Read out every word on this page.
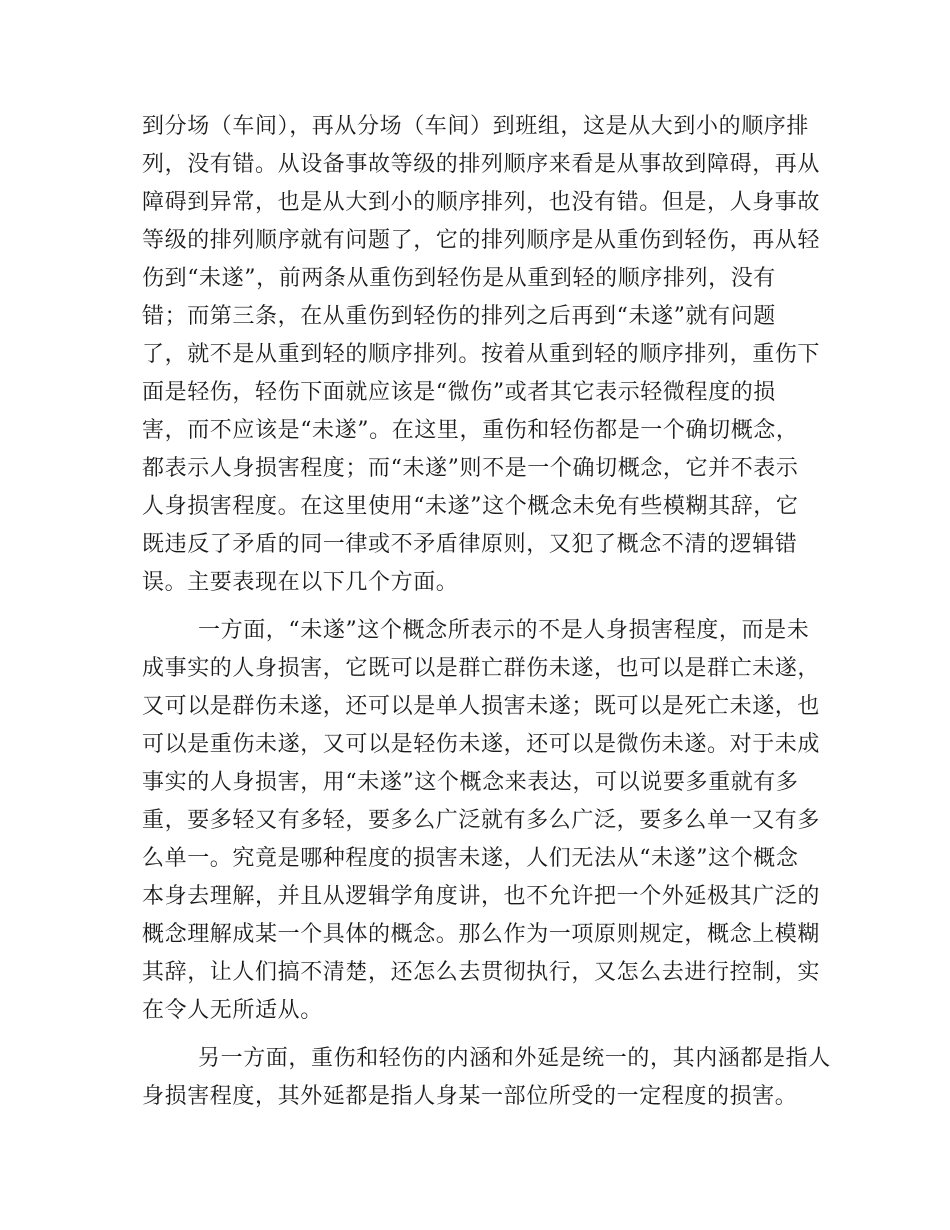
到分场（车间），再从分场（车间）到班组，这是从大到小的顺序排
列，没有错。从设备事故等级的排列顺序来看是从事故到障碍，再从
障碍到异常，也是从大到小的顺序排列，也没有错。但是，人身事故
等级的排列顺序就有问题了，它的排列顺序是从重伤到轻伤，再从轻
伤到“未遂”，前两条从重伤到轻伤是从重到轻的顺序排列，没有
错；而第三条，在从重伤到轻伤的排列之后再到“未遂”就有问题
了，就不是从重到轻的顺序排列。按着从重到轻的顺序排列，重伤下
面是轻伤，轻伤下面就应该是“微伤”或者其它表示轻微程度的损
害，而不应该是“未遂”。在这里，重伤和轻伤都是一个确切概念，
都表示人身损害程度；而“未遂”则不是一个确切概念，它并不表示
人身损害程度。在这里使用“未遂”这个概念未免有些模糊其辞，它
既违反了矛盾的同一律或不矛盾律原则，又犯了概念不清的逻辑错
误。主要表现在以下几个方面。
一方面，“未遂”这个概念所表示的不是人身损害程度，而是未
成事实的人身损害，它既可以是群亡群伤未遂，也可以是群亡未遂，
又可以是群伤未遂，还可以是单人损害未遂；既可以是死亡未遂，也
可以是重伤未遂，又可以是轻伤未遂，还可以是微伤未遂。对于未成
事实的人身损害，用“未遂”这个概念来表达，可以说要多重就有多
重，要多轻又有多轻，要多么广泛就有多么广泛，要多么单一又有多
么单一。究竟是哪种程度的损害未遂，人们无法从“未遂”这个概念
本身去理解，并且从逻辑学角度讲，也不允许把一个外延极其广泛的
概念理解成某一个具体的概念。那么作为一项原则规定，概念上模糊
其辞，让人们搞不清楚，还怎么去贯彻执行，又怎么去进行控制，实
在令人无所适从。
另一方面，重伤和轻伤的内涵和外延是统一的，其内涵都是指人
身损害程度，其外延都是指人身某一部位所受的一定程度的损害。
